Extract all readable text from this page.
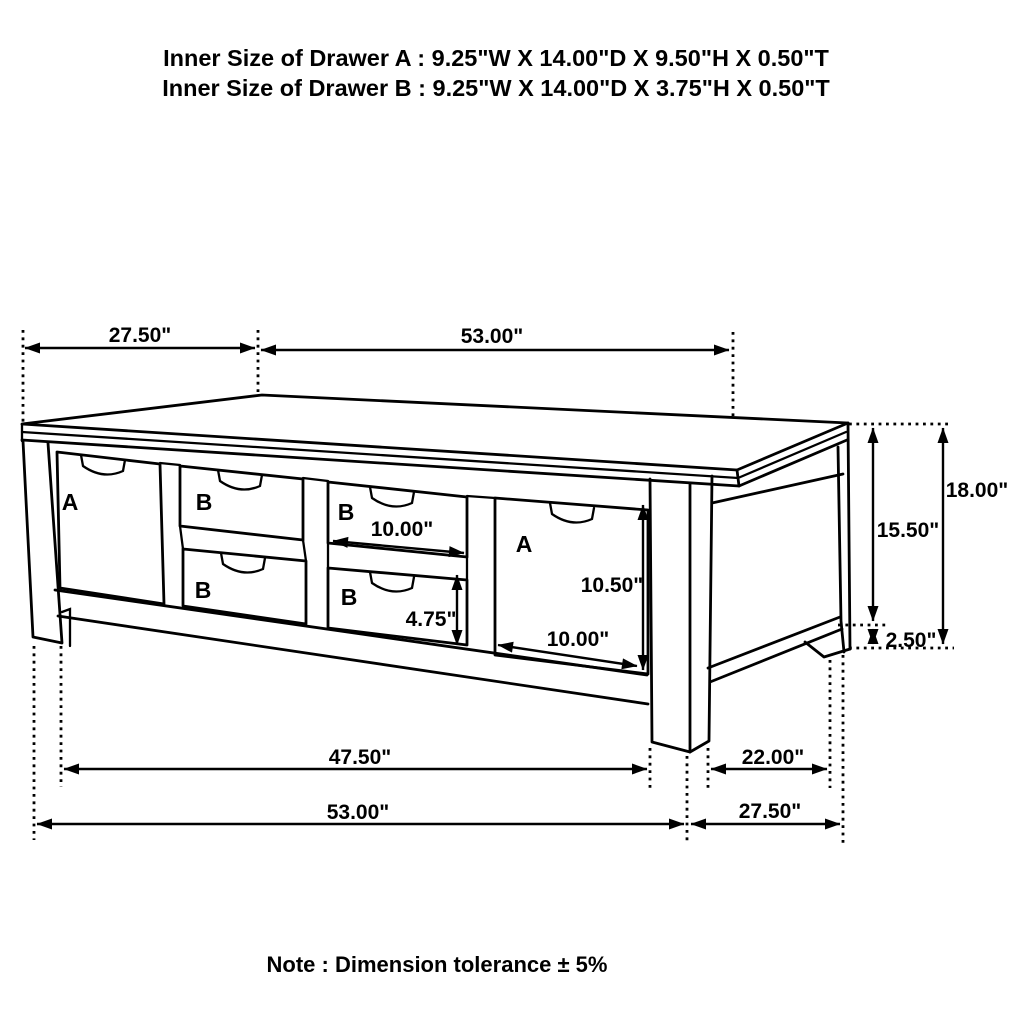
Inner Size of Drawer A : 9.25"W X 14.00"D X 9.50"H X 0.50"T
Inner Size of Drawer B : 9.25"W X 14.00"D X 3.75"H X 0.50"T
27.50"	53.00"
15.50"
18.00"
2.50"
10.00"
4.75"
10.50"
10.00"
47.50"	22.00"
53.00"	27.50"
A	B	B
B	B
A
Note : Dimension tolerance ± 5%
